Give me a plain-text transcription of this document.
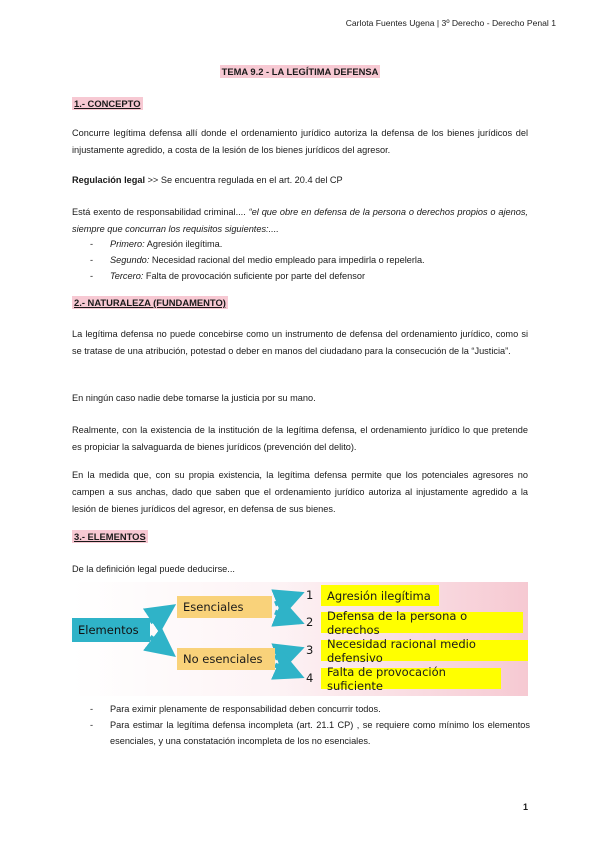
Carlota Fuentes Ugena | 3º Derecho - Derecho Penal 1
TEMA 9.2 - LA LEGÍTIMA DEFENSA
1.- CONCEPTO
Concurre legítima defensa allí donde el ordenamiento jurídico autoriza la defensa de los bienes jurídicos del injustamente agredido, a costa de la lesión de los bienes jurídicos del agresor.
Regulación legal >> Se encuentra regulada en el art. 20.4 del CP
Está exento de responsabilidad criminal.... “el que obre en defensa de la persona o derechos propios o ajenos, siempre que concurran los requisitos siguientes:....
- Primero: Agresión ilegítima.
- Segundo: Necesidad racional del medio empleado para impedirla o repelerla.
- Tercero: Falta de provocación suficiente por parte del defensor
2.- NATURALEZA (FUNDAMENTO)
La legítima defensa no puede concebirse como un instrumento de defensa del ordenamiento jurídico, como si se tratase de una atribución, potestad o deber en manos del ciudadano para la consecución de la “Justicia”.
En ningún caso nadie debe tomarse la justicia por su mano.
Realmente, con la existencia de la institución de la legítima defensa, el ordenamiento jurídico lo que pretende es propiciar la salvaguarda de bienes jurídicos (prevención del delito).
En la medida que, con su propia existencia, la legítima defensa permite que los potenciales agresores no campen a sus anchas, dado que saben que el ordenamiento jurídico autoriza al injustamente agredido a la lesión de bienes jurídicos del agresor, en defensa de sus bienes.
3.- ELEMENTOS
De la definición legal puede deducirse...
Elementos
Esenciales
No esenciales
1	Agresión ilegítima
2	Defensa de la persona o derechos
3	Necesidad racional medio defensivo
4	Falta de provocación suficiente
- Para eximir plenamente de responsabilidad deben concurrir todos.
- Para estimar la legítima defensa incompleta (art. 21.1 CP) , se requiere como mínimo los elementos esenciales, y una constatación incompleta de los no esenciales.
1
